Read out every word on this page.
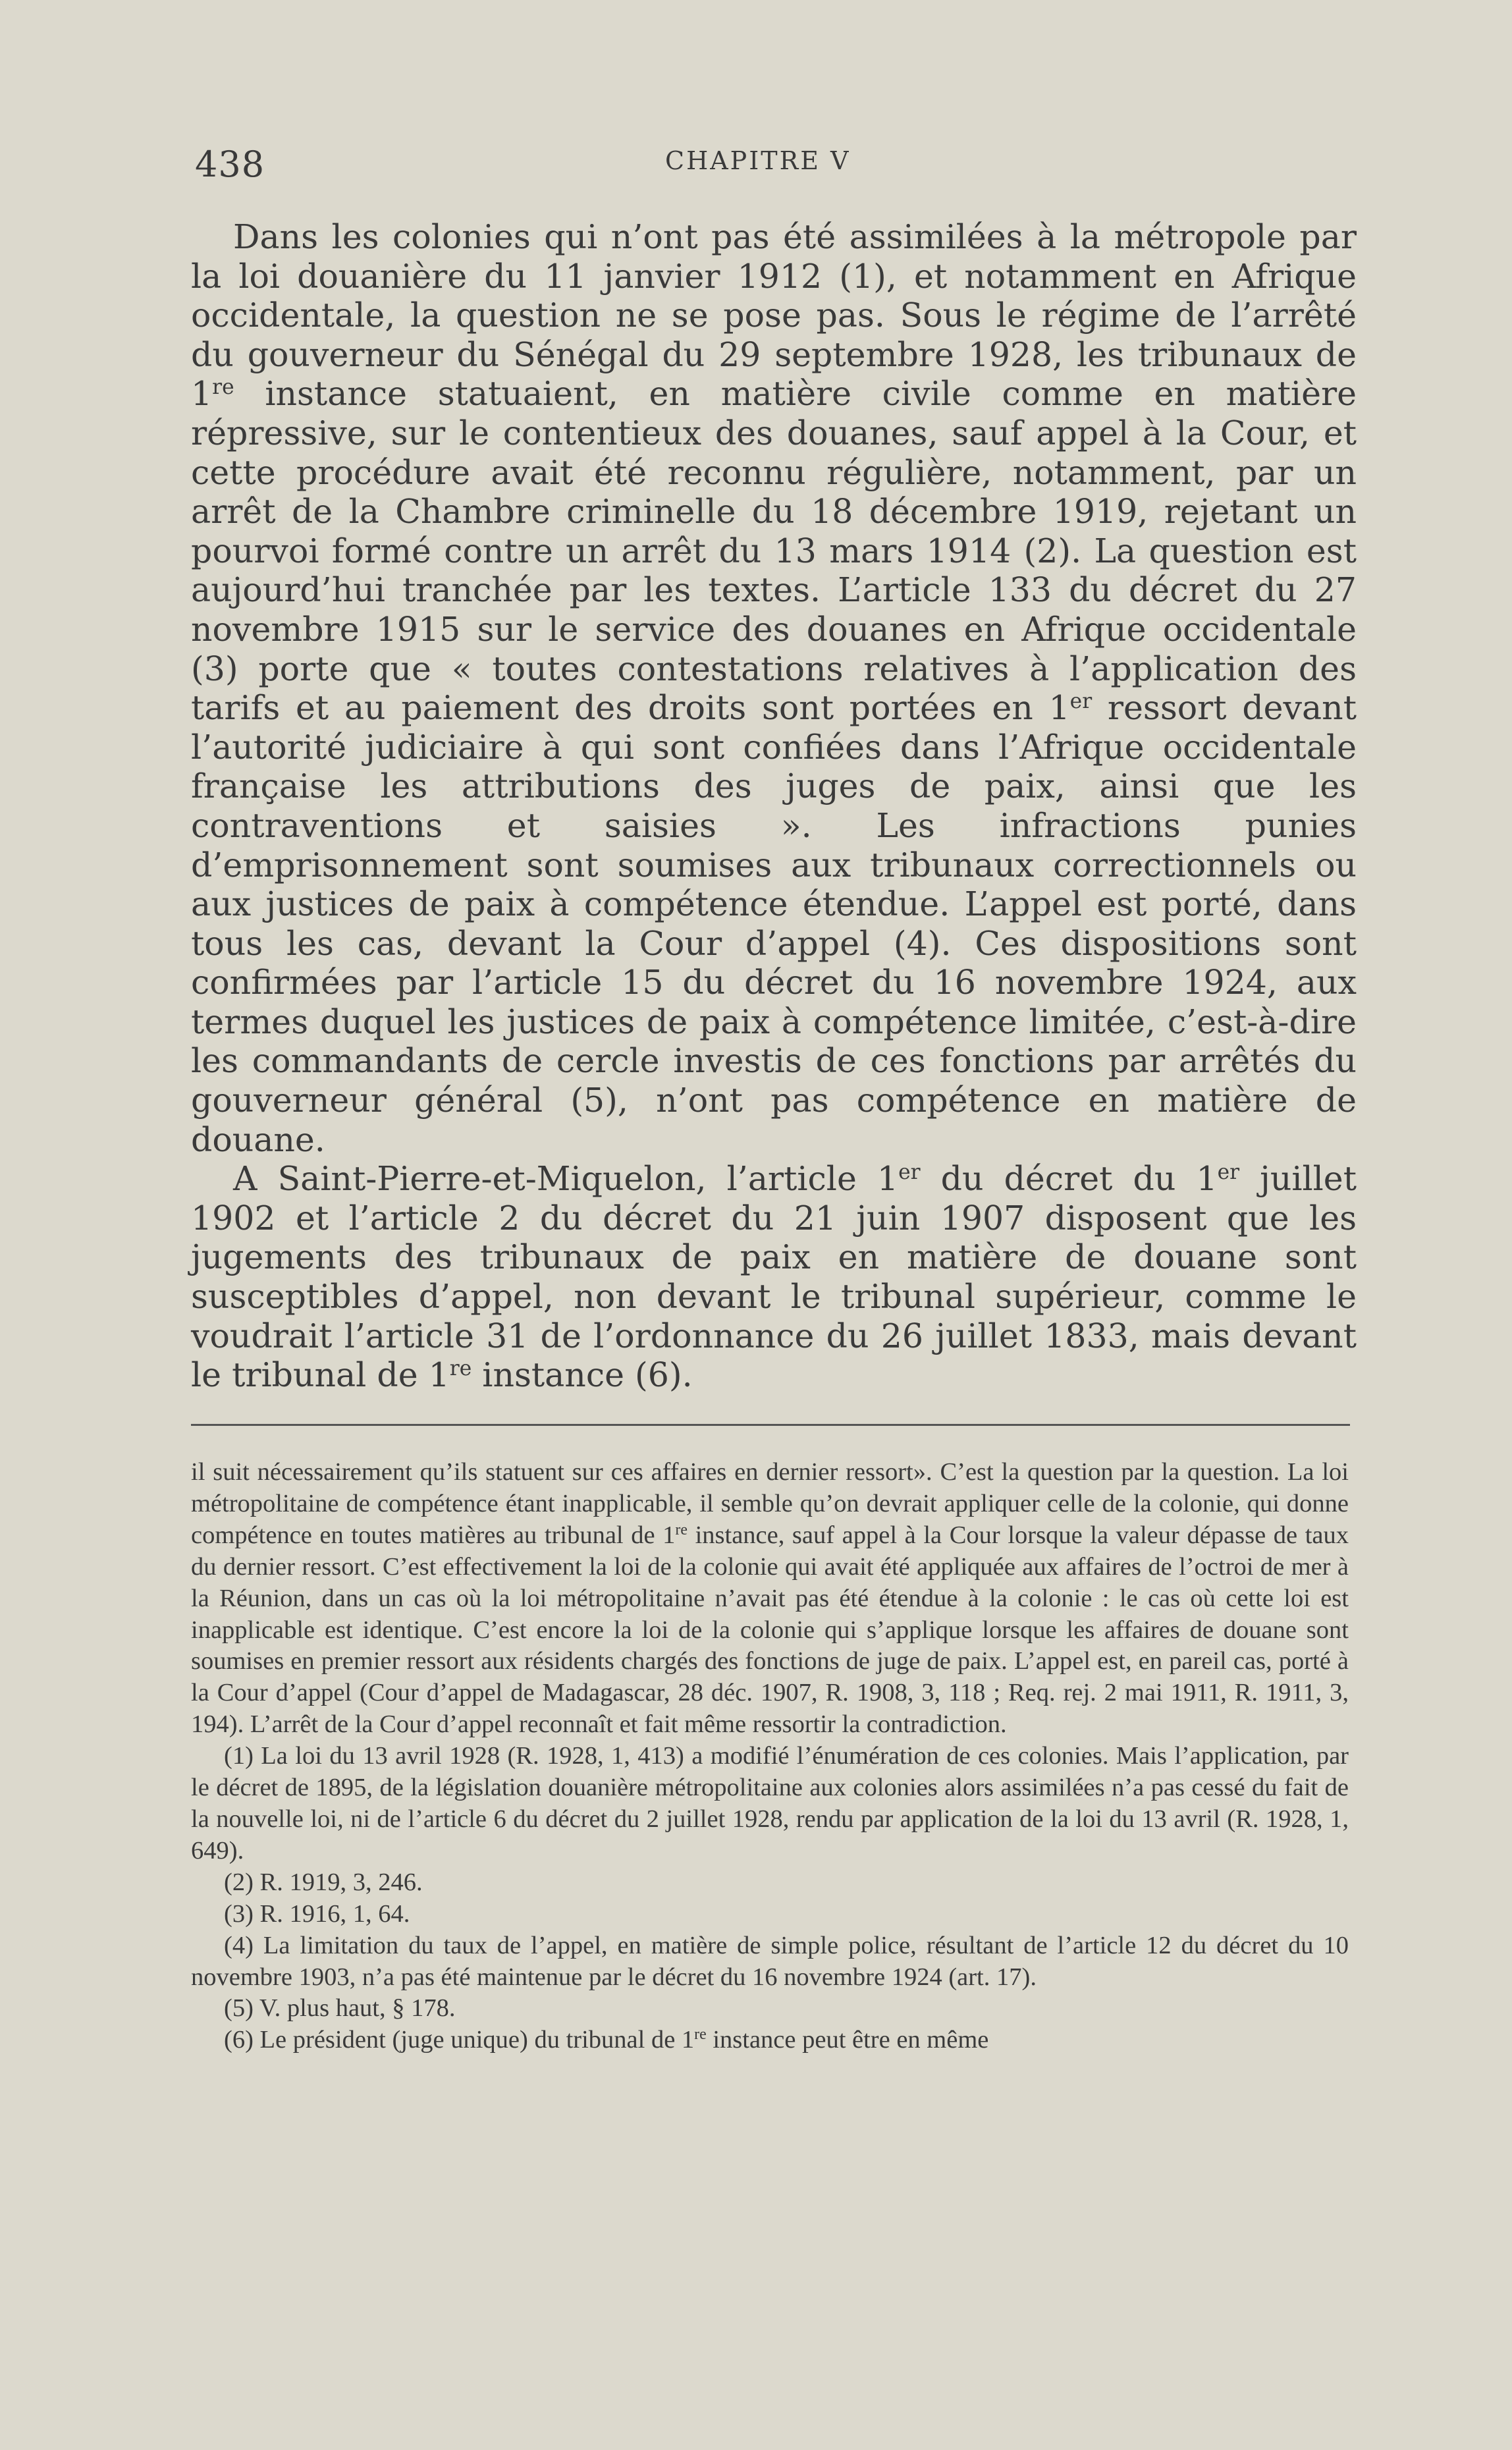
438	CHAPITRE V

Dans les colonies qui n’ont pas été assimilées à la métropole par la loi douanière du 11 janvier 1912 (1), et notamment en Afrique occidentale, la question ne se pose pas. Sous le régime de l’arrêté du gouverneur du Sénégal du 29 septembre 1928, les tribunaux de 1re instance statuaient, en matière civile comme en matière répressive, sur le contentieux des douanes, sauf appel à la Cour, et cette procédure avait été reconnu régulière, notamment, par un arrêt de la Chambre criminelle du 18 décembre 1919, rejetant un pourvoi formé contre un arrêt du 13 mars 1914 (2). La question est aujourd’hui tranchée par les textes. L’article 133 du décret du 27 novembre 1915 sur le service des douanes en Afrique occidentale (3) porte que « toutes contestations relatives à l’application des tarifs et au paiement des droits sont portées en 1er ressort devant l’autorité judiciaire à qui sont confiées dans l’Afrique occidentale française les attributions des juges de paix, ainsi que les contraventions et saisies ». Les infractions punies d’emprisonnement sont soumises aux tribunaux correctionnels ou aux justices de paix à compétence étendue. L’appel est porté, dans tous les cas, devant la Cour d’appel (4). Ces dispositions sont confirmées par l’article 15 du décret du 16 novembre 1924, aux termes duquel les justices de paix à compétence limitée, c’est-à-dire les commandants de cercle investis de ces fonctions par arrêtés du gouverneur général (5), n’ont pas compétence en matière de douane.

A Saint-Pierre-et-Miquelon, l’article 1er du décret du 1er juillet 1902 et l’article 2 du décret du 21 juin 1907 disposent que les jugements des tribunaux de paix en matière de douane sont susceptibles d’appel, non devant le tribunal supérieur, comme le voudrait l’article 31 de l’ordonnance du 26 juillet 1833, mais devant le tribunal de 1re instance (6).

il suit nécessairement qu’ils statuent sur ces affaires en dernier ressort». C’est la question par la question. La loi métropolitaine de compétence étant inapplicable, il semble qu’on devrait appliquer celle de la colonie, qui donne compétence en toutes matières au tribunal de 1re instance, sauf appel à la Cour lorsque la valeur dépasse de taux du dernier ressort. C’est effectivement la loi de la colonie qui avait été appliquée aux affaires de l’octroi de mer à la Réunion, dans un cas où la loi métropolitaine n’avait pas été étendue à la colonie : le cas où cette loi est inapplicable est identique. C’est encore la loi de la colonie qui s’applique lorsque les affaires de douane sont soumises en premier ressort aux résidents chargés des fonctions de juge de paix. L’appel est, en pareil cas, porté à la Cour d’appel (Cour d’appel de Madagascar, 28 déc. 1907, R. 1908, 3, 118 ; Req. rej. 2 mai 1911, R. 1911, 3, 194). L’arrêt de la Cour d’appel reconnaît et fait même ressortir la contradiction.

(1) La loi du 13 avril 1928 (R. 1928, 1, 413) a modifié l’énumération de ces colonies. Mais l’application, par le décret de 1895, de la législation douanière métropolitaine aux colonies alors assimilées n’a pas cessé du fait de la nouvelle loi, ni de l’article 6 du décret du 2 juillet 1928, rendu par application de la loi du 13 avril (R. 1928, 1, 649).

(2) R. 1919, 3, 246.

(3) R. 1916, 1, 64.

(4) La limitation du taux de l’appel, en matière de simple police, résultant de l’article 12 du décret du 10 novembre 1903, n’a pas été maintenue par le décret du 16 novembre 1924 (art. 17).

(5) V. plus haut, § 178.

(6) Le président (juge unique) du tribunal de 1re instance peut être en même
